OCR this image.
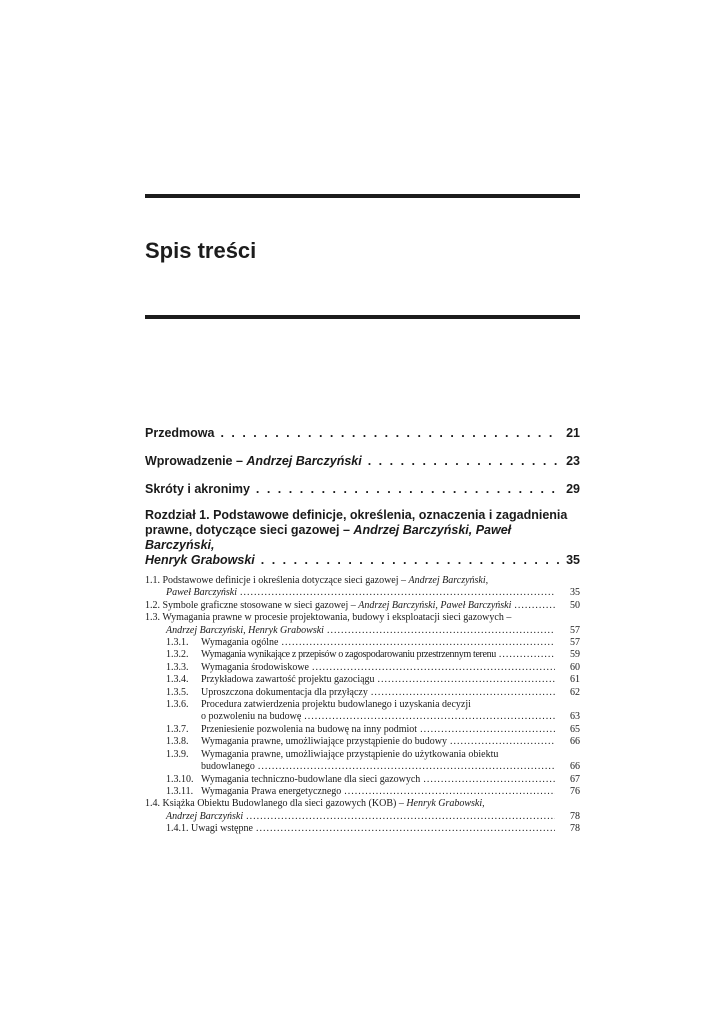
Spis treści
Przedmowa . . .	21
Wprowadzenie – Andrzej Barczyński . . .	23
Skróty i akronimy . . .	29
Rozdział 1. Podstawowe definicje, określenia, oznaczenia i zagadnienia
prawne, dotyczące sieci gazowej – Andrzej Barczyński, Paweł Barczyński,
Henryk Grabowski . . .	35
1.1. Podstawowe definicje i określenia dotyczące sieci gazowej – Andrzej Barczyński,
Paweł Barczyński .....	35
1.2. Symbole graficzne stosowane w sieci gazowej – Andrzej Barczyński, Paweł Barczyński .....	50
1.3. Wymagania prawne w procesie projektowania, budowy i eksploatacji sieci gazowych –
Andrzej Barczyński, Henryk Grabowski .....	57
1.3.1. Wymagania ogólne .....	57
1.3.2. Wymagania wynikające z przepisów o zagospodarowaniu przestrzennym terenu .....	59
1.3.3. Wymagania środowiskowe .....	60
1.3.4. Przykładowa zawartość projektu gazociągu .....	61
1.3.5. Uproszczona dokumentacja dla przyłączy .....	62
1.3.6. Procedura zatwierdzenia projektu budowlanego i uzyskania decyzji
o pozwoleniu na budowę .....	63
1.3.7. Przeniesienie pozwolenia na budowę na inny podmiot .....	65
1.3.8. Wymagania prawne, umożliwiające przystąpienie do budowy .....	66
1.3.9. Wymagania prawne, umożliwiające przystąpienie do użytkowania obiektu
budowlanego .....	66
1.3.10. Wymagania techniczno-budowlane dla sieci gazowych .....	67
1.3.11. Wymagania Prawa energetycznego .....	76
1.4. Książka Obiektu Budowlanego dla sieci gazowych (KOB) – Henryk Grabowski,
Andrzej Barczyński .....	78
1.4.1. Uwagi wstępne .....	78
